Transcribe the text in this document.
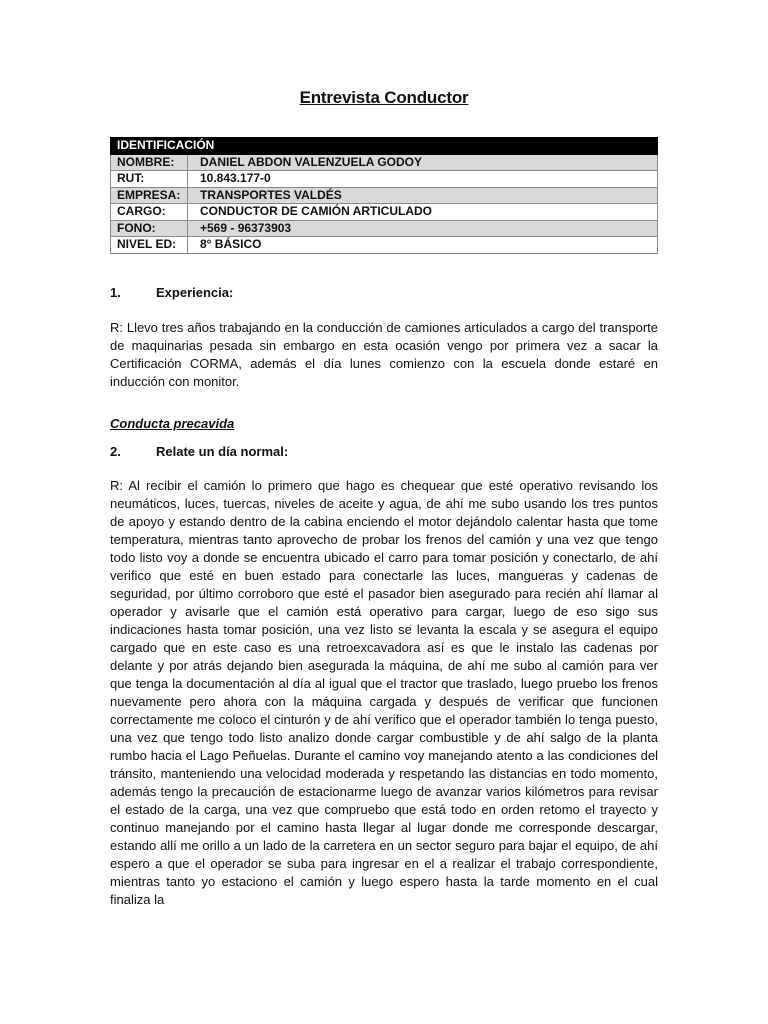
Entrevista Conductor
IDENTIFICACIÓN	
NOMBRE:	DANIEL ABDON VALENZUELA GODOY
RUT:	10.843.177-0
EMPRESA:	TRANSPORTES VALDÉS
CARGO:	CONDUCTOR DE CAMIÓN ARTICULADO
FONO:	+569 - 96373903
NIVEL ED:	8° BÁSICO
1.	Experiencia:
R: Llevo tres años trabajando en la conducción de camiones articulados a cargo del transporte de maquinarias pesada sin embargo en esta ocasión vengo por primera vez a sacar la Certificación CORMA, además el día lunes comienzo con la escuela donde estaré en inducción con monitor.
Conducta precavida
2.	Relate un día normal:
R: Al recibir el camión lo primero que hago es chequear que esté operativo revisando los neumáticos, luces, tuercas, niveles de aceite y agua, de ahí me subo usando los tres puntos de apoyo y estando dentro de la cabina enciendo el motor dejándolo calentar hasta que tome temperatura, mientras tanto aprovecho de probar los frenos del camión y una vez que tengo todo listo voy a donde se encuentra ubicado el carro para tomar posición y conectarlo, de ahí verifico que esté en buen estado para conectarle las luces, mangueras y cadenas de seguridad, por último corroboro que esté el pasador bien asegurado para recién ahí llamar al operador y avisarle que el camión está operativo para cargar, luego de eso sigo sus indicaciones hasta tomar posición, una vez listo se levanta la escala y se asegura el equipo cargado que en este caso es una retroexcavadora así es que le instalo las cadenas por delante y por atrás dejando bien asegurada la máquina, de ahí me subo al camión para ver que tenga la documentación al día al igual que el tractor que traslado, luego pruebo los frenos nuevamente pero ahora con la máquina cargada y después de verificar que funcionen correctamente me coloco el cinturón y de ahí verifico que el operador también lo tenga puesto, una vez que tengo todo listo analizo donde cargar combustible y de ahí salgo de la planta rumbo hacia el Lago Peñuelas. Durante el camino voy manejando atento a las condiciones del tránsito, manteniendo una velocidad moderada y respetando las distancias en todo momento, además tengo la precaución de estacionarme luego de avanzar varios kilómetros para revisar el estado de la carga, una vez que compruebo que está todo en orden retomo el trayecto y continuo manejando por el camino hasta llegar al lugar donde me corresponde descargar, estando allí me orillo a un lado de la carretera en un sector seguro para bajar el equipo, de ahí espero a que el operador se suba para ingresar en el a realizar el trabajo correspondiente, mientras tanto yo estaciono el camión y luego espero hasta la tarde momento en el cual finaliza la
